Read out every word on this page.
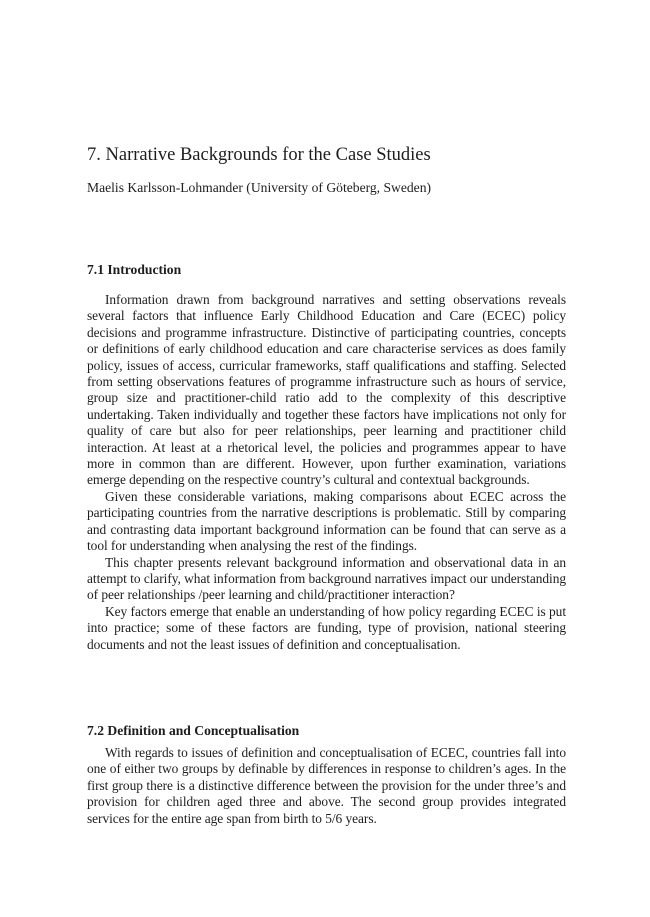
7. Narrative Backgrounds for the Case Studies

Maelis Karlsson-Lohmander (University of Göteberg, Sweden)

7.1 Introduction

Information drawn from background narratives and setting observations reveals several factors that influence Early Childhood Education and Care (ECEC) policy decisions and programme infrastructure. Distinctive of participating countries, concepts or definitions of early childhood education and care characterise services as does family policy, issues of access, curricular frameworks, staff qualifications and staffing. Selected from setting observations features of programme infrastructure such as hours of service, group size and practitioner-child ratio add to the complexity of this descriptive undertaking. Taken individually and together these factors have implications not only for quality of care but also for peer relationships, peer learning and practitioner child interaction. At least at a rhetorical level, the policies and programmes appear to have more in common than are different. However, upon further examination, variations emerge depending on the respective country’s cultural and contextual backgrounds.

Given these considerable variations, making comparisons about ECEC across the participating countries from the narrative descriptions is problematic. Still by comparing and contrasting data important background information can be found that can serve as a tool for understanding when analysing the rest of the findings.

This chapter presents relevant background information and observational data in an attempt to clarify, what information from background narratives impact our understanding of peer relationships /peer learning and child/practitioner interaction?

Key factors emerge that enable an understanding of how policy regarding ECEC is put into practice; some of these factors are funding, type of provision, national steering documents and not the least issues of definition and conceptualisation.

7.2 Definition and Conceptualisation

With regards to issues of definition and conceptualisation of ECEC, countries fall into one of either two groups by definable by differences in response to children’s ages. In the first group there is a distinctive difference between the provision for the under three’s and provision for children aged three and above. The second group provides integrated services for the entire age span from birth to 5/6 years.
